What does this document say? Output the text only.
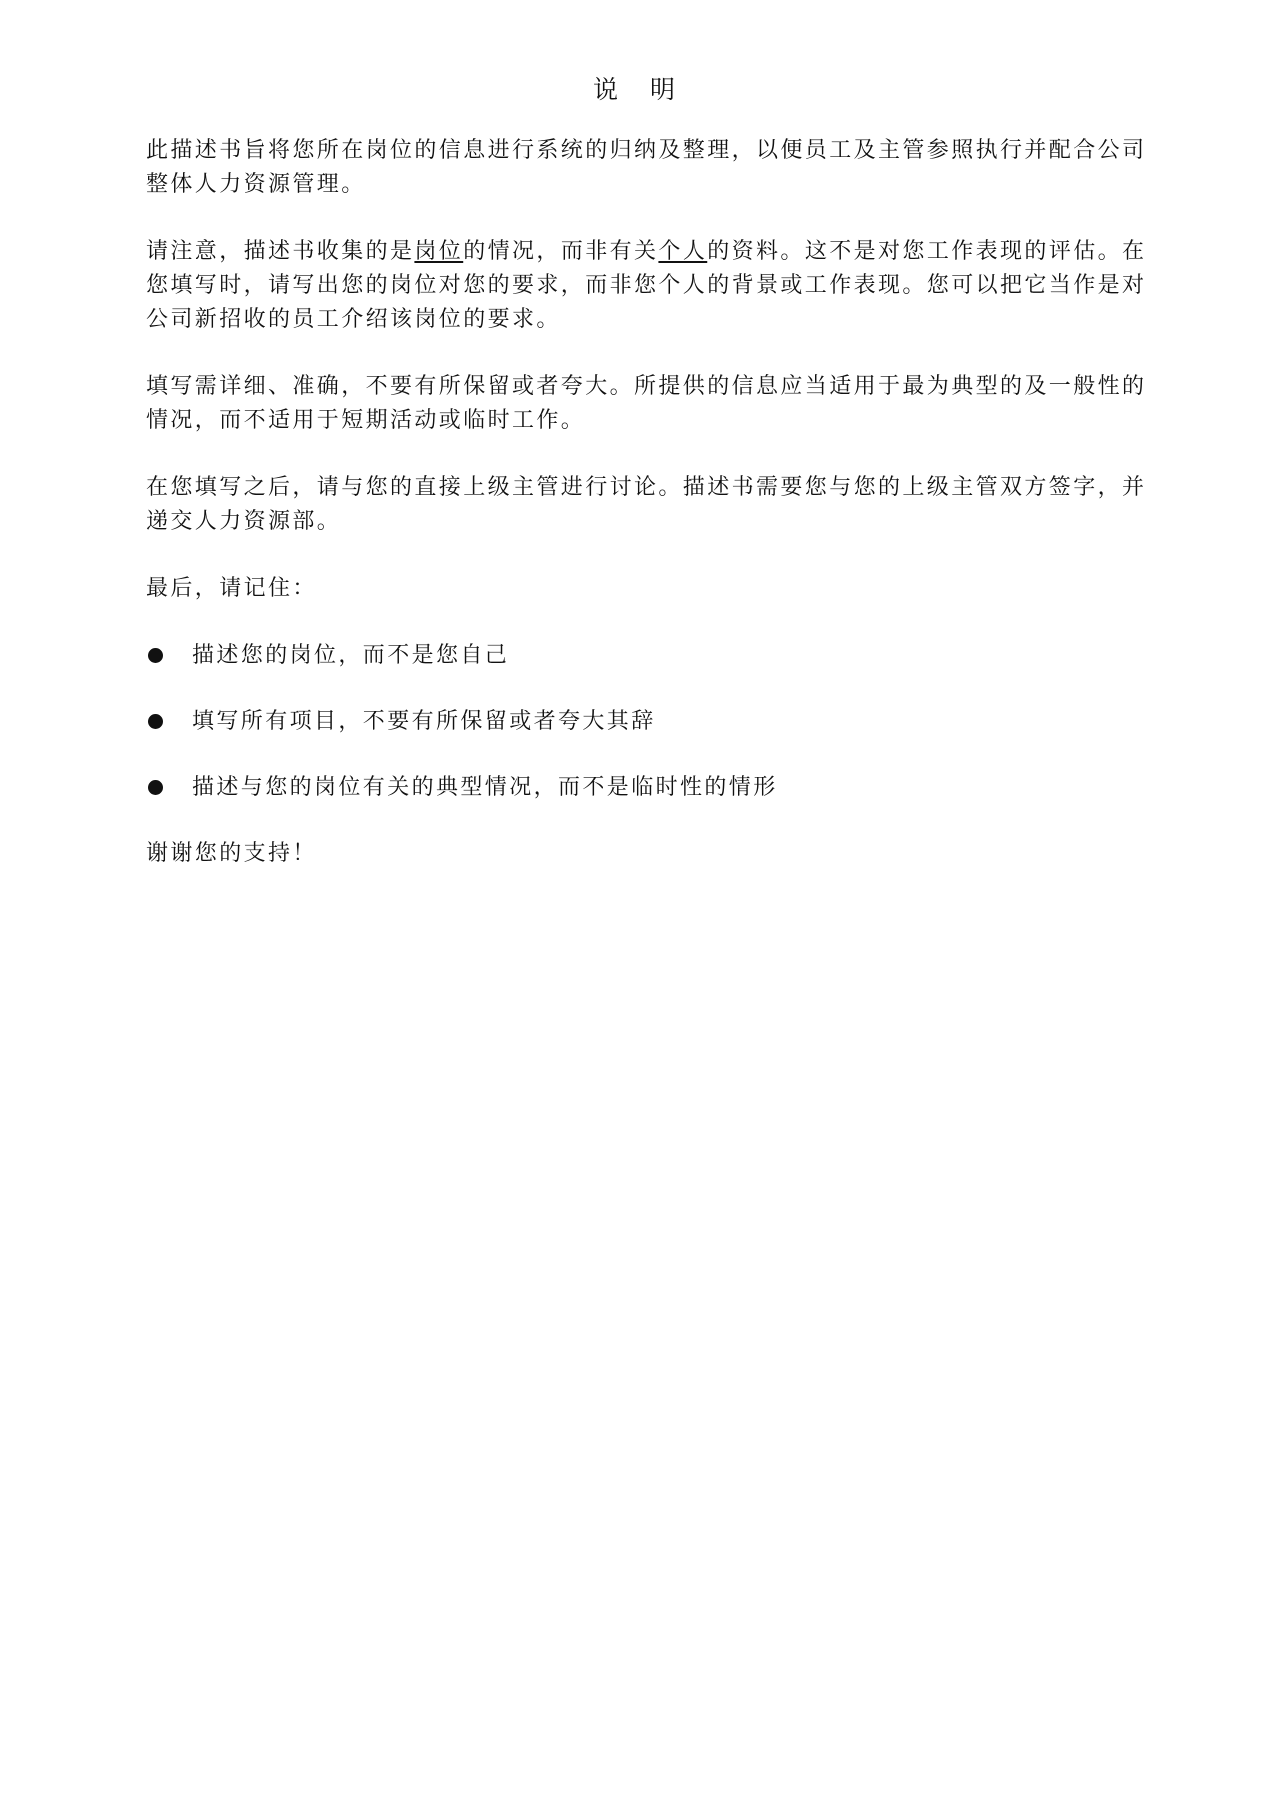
说 明

此描述书旨将您所在岗位的信息进行系统的归纳及整理，以便员工及主管参照执行并配合公司整体人力资源管理。

请注意，描述书收集的是岗位的情况，而非有关个人的资料。这不是对您工作表现的评估。在您填写时，请写出您的岗位对您的要求，而非您个人的背景或工作表现。您可以把它当作是对公司新招收的员工介绍该岗位的要求。

填写需详细、准确，不要有所保留或者夸大。所提供的信息应当适用于最为典型的及一般性的情况，而不适用于短期活动或临时工作。

在您填写之后，请与您的直接上级主管进行讨论。描述书需要您与您的上级主管双方签字，并递交人力资源部。

最后，请记住：

描述您的岗位，而不是您自己
填写所有项目，不要有所保留或者夸大其辞
描述与您的岗位有关的典型情况，而不是临时性的情形

谢谢您的支持！
